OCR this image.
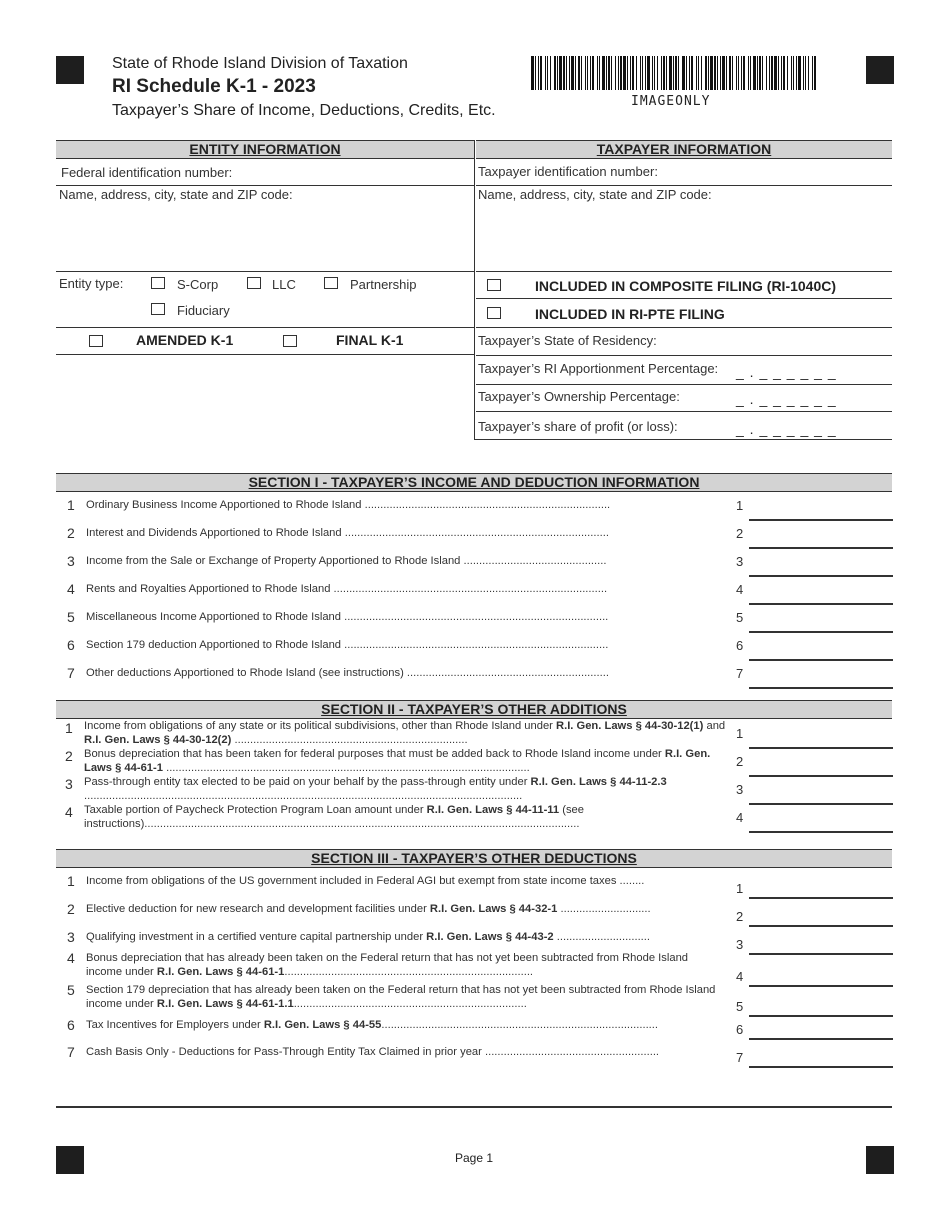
State of Rhode Island Division of Taxation
RI Schedule K-1 - 2023
Taxpayer’s Share of Income, Deductions, Credits, Etc.
IMAGEONLY
ENTITY INFORMATION	TAXPAYER INFORMATION
Federal identification number:
Name, address, city, state and ZIP code:
Taxpayer identification number:
Name, address, city, state and ZIP code:
Entity type:	S-Corp	LLC	Partnership
Fiduciary
AMENDED K-1	FINAL K-1
INCLUDED IN COMPOSITE FILING (RI-1040C)
INCLUDED IN RI-PTE FILING
Taxpayer’s State of Residency:
Taxpayer’s RI Apportionment Percentage: _ . _ _ _ _ _ _
Taxpayer’s Ownership Percentage:	_ . _ _ _ _ _ _
Taxpayer’s share of profit (or loss):	_ . _ _ _ _ _ _
SECTION I - TAXPAYER’S INCOME AND DEDUCTION INFORMATION
1 Ordinary Business Income Apportioned to Rhode Island ...............................................................................	1
2 Interest and Dividends Apportioned to Rhode Island .....................................................................................	2
3 Income from the Sale or Exchange of Property Apportioned to Rhode Island ..............................................	3
4 Rents and Royalties Apportioned to Rhode Island ........................................................................................	4
5 Miscellaneous Income Apportioned to Rhode Island .....................................................................................	5
6 Section 179 deduction Apportioned to Rhode Island .....................................................................................	6
7 Other deductions Apportioned to Rhode Island (see instructions) .................................................................	7
SECTION II - TAXPAYER’S OTHER ADDITIONS
1 Income from obligations of any state or its political subdivisions, other than Rhode Island under R.I. Gen. Laws § 44-30-12(1) and R.I. Gen. Laws § 44-30-12(2) ...........................................................................	1
2 Bonus depreciation that has been taken for federal purposes that must be added back to Rhode Island income under R.I. Gen. Laws § 44-61-1 .....................................................................................................................	2
3 Pass-through entity tax elected to be paid on your behalf by the pass-through entity under R.I. Gen. Laws § 44-11-2.3 .............................................................................................................................................	3
4 Taxable portion of Paycheck Protection Program Loan amount under R.I. Gen. Laws § 44-11-11 (see instructions)............................................................................................................................................	4
SECTION III - TAXPAYER’S OTHER DEDUCTIONS
1 Income from obligations of the US government included in Federal AGI but exempt from state income taxes ........	1
2 Elective deduction for new research and development facilities under R.I. Gen. Laws § 44-32-1 .............................	2
3 Qualifying investment in a certified venture capital partnership under R.I. Gen. Laws § 44-43-2 ..............................	3
4 Bonus depreciation that has already been taken on the Federal return that has not yet been subtracted from Rhode Island income under R.I. Gen. Laws § 44-61-1................................................................................	4
5 Section 179 depreciation that has already been taken on the Federal return that has not yet been subtracted from Rhode Island income under R.I. Gen. Laws § 44-61-1.1...........................................................................	5
6 Tax Incentives for Employers under R.I. Gen. Laws § 44-55.........................................................................................	6
7 Cash Basis Only - Deductions for Pass-Through Entity Tax Claimed in prior year ........................................................	7
Page 1
